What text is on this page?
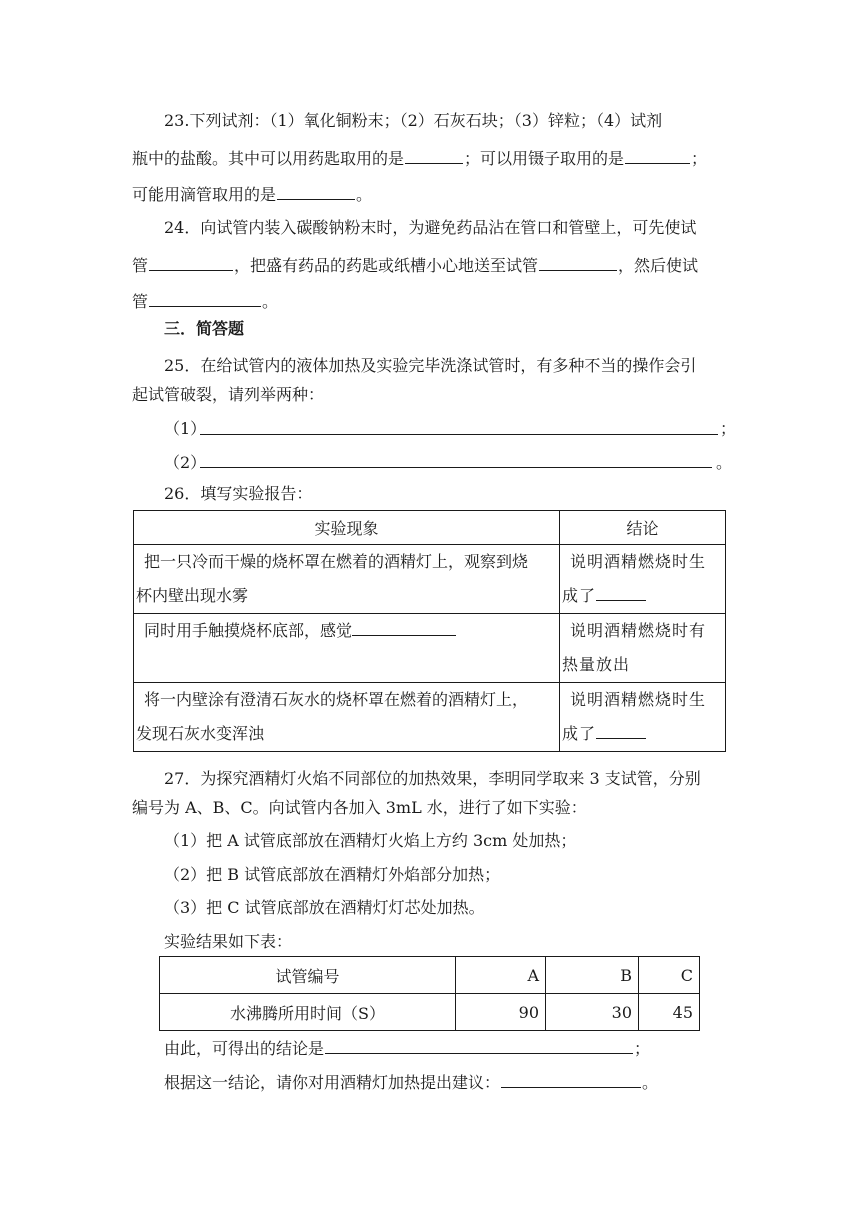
23.下列试剂：（1）氧化铜粉末；（2）石灰石块；（3）锌粒；（4）试剂
瓶中的盐酸。其中可以用药匙取用的是	；可以用镊子取用的是	；
可能用滴管取用的是	。
24．向试管内装入碳酸钠粉末时，为避免药品沾在管口和管壁上，可先使试
管	，把盛有药品的药匙或纸槽小心地送至试管	，然后使试
管	。
三．简答题
25．在给试管内的液体加热及实验完毕洗涤试管时，有多种不当的操作会引
起试管破裂，请列举两种：
（1）	；
（2）	。
26．填写实验报告：
实验现象	结论

把一只冷而干燥的烧杯罩在燃着的酒精灯上，观察到烧
杯内壁出现水雾	说明酒精燃烧时生
成了

同时用手触摸烧杯底部，感觉	说明酒精燃烧时有
热量放出

将一内壁涂有澄清石灰水的烧杯罩在燃着的酒精灯上，
发现石灰水变浑浊	说明酒精燃烧时生
成了
27．为探究酒精灯火焰不同部位的加热效果，李明同学取来 3 支试管，分别
编号为 A、B、C。向试管内各加入 3mL 水，进行了如下实验：
（1）把 A 试管底部放在酒精灯火焰上方约 3cm 处加热；
（2）把 B 试管底部放在酒精灯外焰部分加热；
（3）把 C 试管底部放在酒精灯灯芯处加热。
实验结果如下表：
试管编号	A	B	C
水沸腾所用时间（S）	90	30	45
由此，可得出的结论是	；
根据这一结论，请你对用酒精灯加热提出建议：	。
